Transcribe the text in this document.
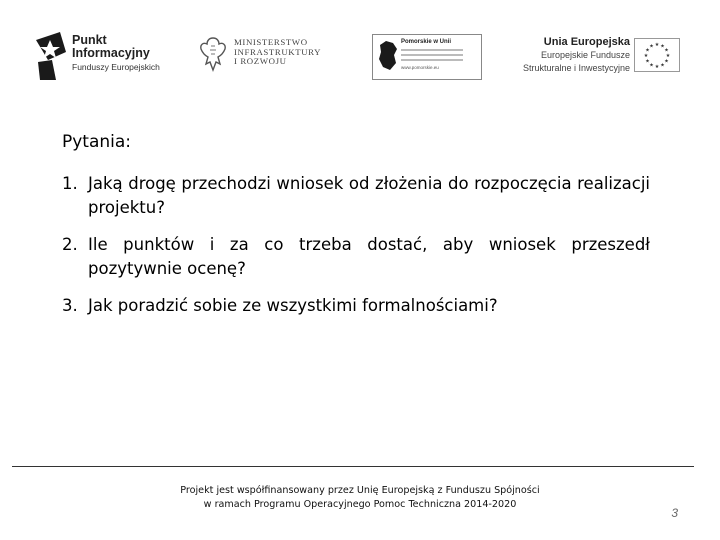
Punkt
Informacyjny
Funduszy Europejskich
MINISTERSTWO
INFRASTRUKTURY
I ROZWOJU
Pomorskie w Unii
www.pomorskie.eu
Unia Europejska
Europejskie Fundusze
Strukturalne i Inwestycyjne
★ ★
★
★
★
★
★
★
★
★
★
★
Pytania:
1. Jaką drogę przechodzi wniosek od złożenia do rozpoczęcia realizacji projektu?
2. Ile punktów i za co trzeba dostać, aby wniosek przeszedł pozytywnie ocenę?
3. Jak poradzić sobie ze wszystkimi formalnościami?
Projekt jest współfinansowany przez Unię Europejską z Funduszu Spójności
w ramach Programu Operacyjnego Pomoc Techniczna 2014-2020
3
